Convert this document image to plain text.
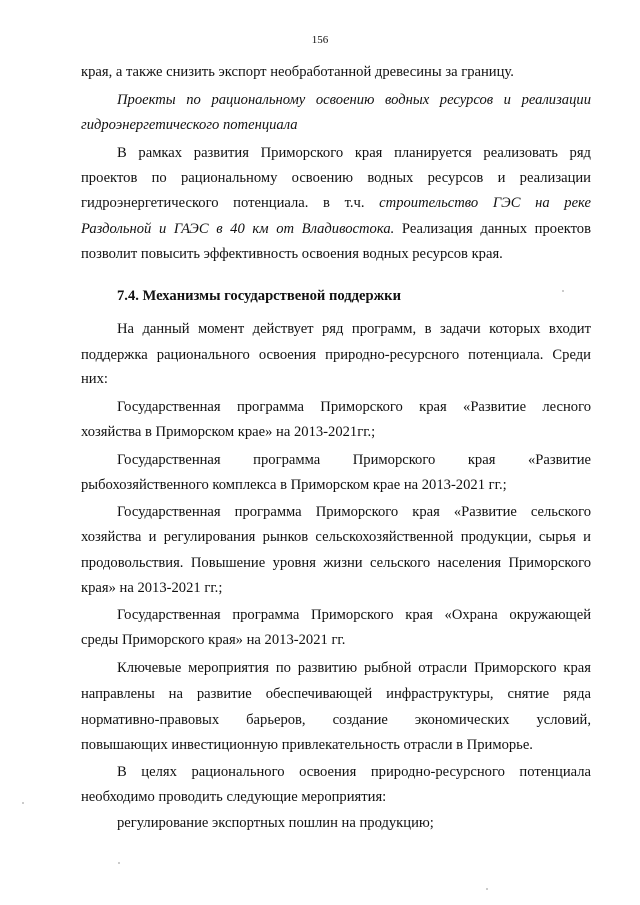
156
края, а также снизить экспорт необработанной древесины за границу.
Проекты по рациональному освоению водных ресурсов и реализации
гидроэнергетического потенциала
В рамках развития Приморского края планируется реализовать ряд
проектов по рациональному освоению водных ресурсов и реализации
гидроэнергетического потенциала. в т.ч. строительство ГЭС на реке
Раздольной и ГАЭС в 40 км от Владивостока. Реализация данных проектов
позволит повысить эффективность освоения водных ресурсов края.
7.4. Механизмы государственой поддержки
На данный момент действует ряд программ, в задачи которых входит
поддержка рационального освоения природно-ресурсного потенциала. Среди
них:
Государственная программа Приморского края «Развитие лесного
хозяйства в Приморском крае» на 2013-2021гг.;
Государственная программа Приморского края «Развитие
рыбохозяйственного комплекса в Приморском крае на 2013-2021 гг.;
Государственная программа Приморского края «Развитие сельского
хозяйства и регулирования рынков сельскохозяйственной продукции, сырья и
продовольствия. Повышение уровня жизни сельского населения Приморского
края» на 2013-2021 гг.;
Государственная программа Приморского края «Охрана окружающей
среды Приморского края» на 2013-2021 гг.
Ключевые мероприятия по развитию рыбной отрасли Приморского края
направлены на развитие обеспечивающей инфраструктуры, снятие ряда
нормативно-правовых барьеров, создание экономических условий,
повышающих инвестиционную привлекательность отрасли в Приморье.
В целях рационального освоения природно-ресурсного потенциала
необходимо проводить следующие мероприятия:
регулирование экспортных пошлин на продукцию;
